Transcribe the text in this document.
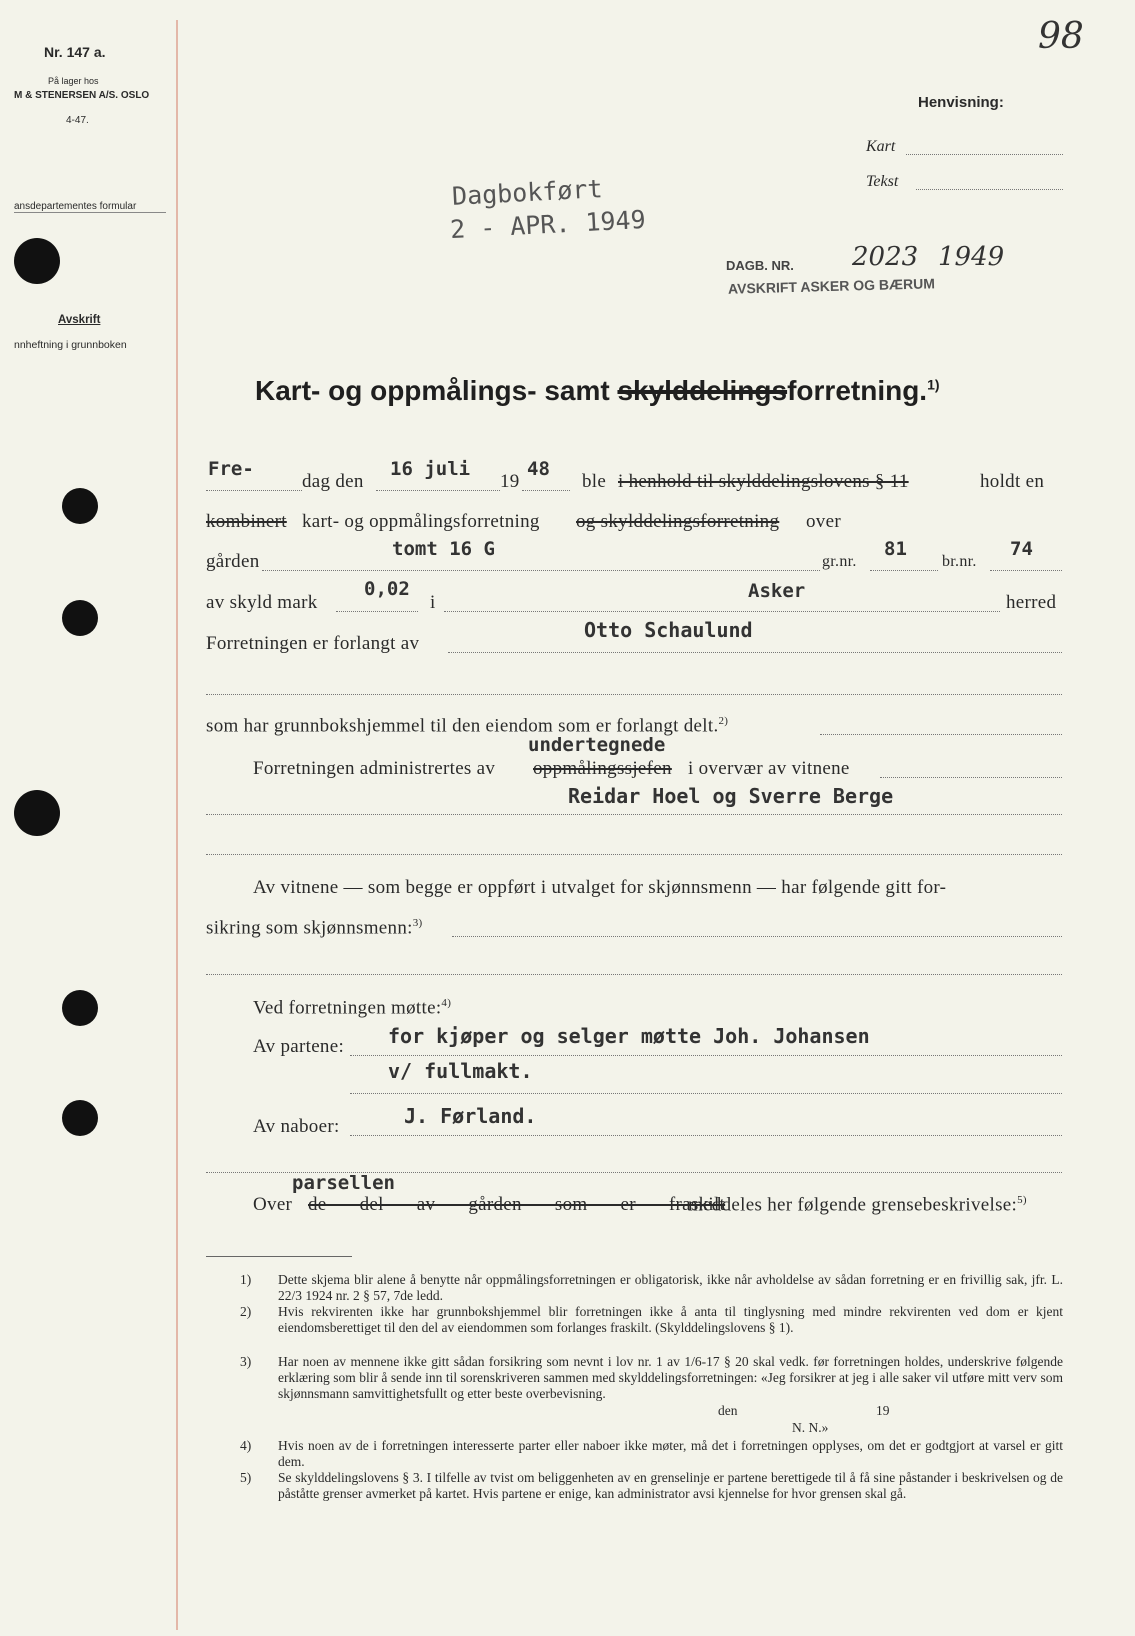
98
Nr. 147 a.
På lager hos
M & STENERSEN A/S. OSLO
4-47.
ansdepartementes formular
Avskrift
nnheftning i grunnboken
Henvisning:
Kart
Tekst
Dagbokført
2 - APR. 1949
DAGB. NR. 2023 1949
AVSKRIFT ASKER OG BÆRUM
Kart- og oppmålings- samt skylddelingsforretning.$^{1)}$
Fre-
dag den
16 juli
19
48
ble i henhold til skylddelingslovens § 11	holdt en
kombinert kart- og oppmålingsforretning og skylddelingsforretning over
gården
tomt 16 G
gr.nr.
81
br.nr.
74
av skyld mark
0,02
i
Asker
herred
Forretningen er forlangt av
Otto Schaulund
som har grunnbokshjemmel til den eiendom som er forlangt delt.$^{2)}$
undertegnede
Forretningen administrertes av oppmålingssjefen i overvær av vitnene
Reidar Hoel og Sverre Berge
Av vitnene — som begge er oppført i utvalget for skjønnsmenn — har følgende gitt for-
sikring som skjønnsmenn:$^{3)}$
Ved forretningen møtte:$^{4)}$
Av partene: for kjøper og selger møtte Joh. Johansen
v/ fullmakt.
Av naboer:	J. Førland.
parsellen
Over de del av gården som er fraskilt
meddeles her følgende grensebeskrivelse:$^{5)}$
1) Dette skjema blir alene å benytte når oppmålingsforretningen er obligatorisk, ikke når avholdelse av sådan forretning er en frivillig sak, jfr. L. 22/3 1924 nr. 2 § 57, 7de ledd.
2) Hvis rekvirenten ikke har grunnbokshjemmel blir forretningen ikke å anta til tinglysning med mindre rekvirenten ved dom er kjent eiendomsberettiget til den del av eiendommen som forlanges fraskilt. (Skylddelingslovens § 1).
3) Har noen av mennene ikke gitt sådan forsikring som nevnt i lov nr. 1 av 1/6-17 § 20 skal vedk. før forretningen holdes, underskrive følgende erklæring som blir å sende inn til sorenskriveren sammen med skylddelingsforretningen: «Jeg forsikrer at jeg i alle saker vil utføre mitt verv som skjønnsmann samvittighetsfullt og etter beste overbevisning.
den	19
N. N.»
4) Hvis noen av de i forretningen interesserte parter eller naboer ikke møter, må det i forretningen opplyses, om det er godtgjort at varsel er gitt dem.
5) Se skylddelingslovens § 3. I tilfelle av tvist om beliggenheten av en grenselinje er partene berettigede til å få sine påstander i beskrivelsen og de påståtte grenser avmerket på kartet. Hvis partene er enige, kan administrator avsi kjennelse for hvor grensen skal gå.
